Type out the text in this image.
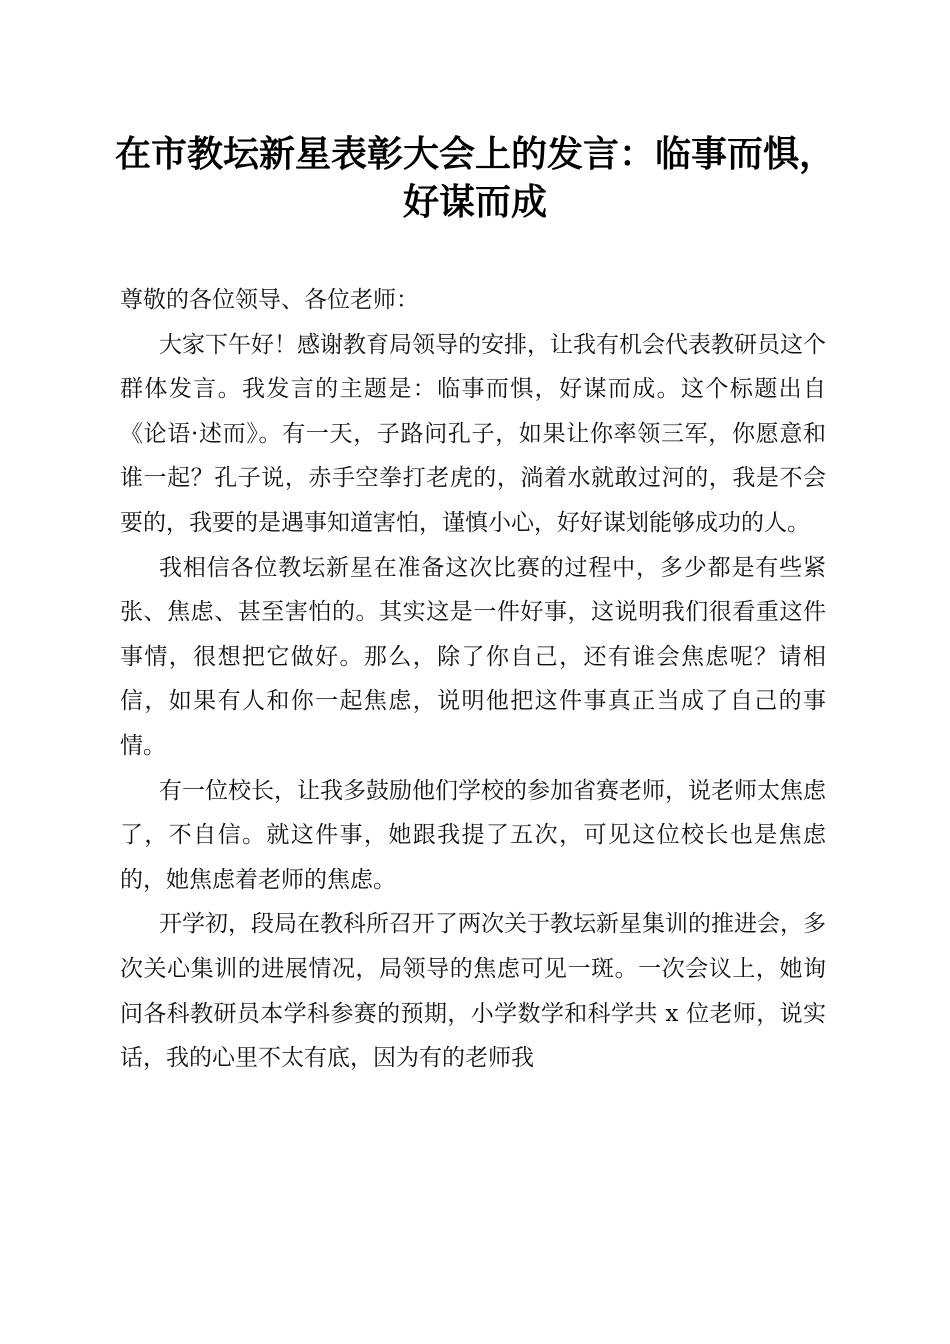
在市教坛新星表彰大会上的发言：临事而惧，
好谋而成

尊敬的各位领导、各位老师：

大家下午好！感谢教育局领导的安排，让我有机会代表教研员这个群体发言。我发言的主题是：临事而惧，好谋而成。这个标题出自《论语·述而》。有一天，子路问孔子，如果让你率领三军，你愿意和谁一起？孔子说，赤手空拳打老虎的，淌着水就敢过河的，我是不会要的，我要的是遇事知道害怕，谨慎小心，好好谋划能够成功的人。

我相信各位教坛新星在准备这次比赛的过程中，多少都是有些紧张、焦虑、甚至害怕的。其实这是一件好事，这说明我们很看重这件事情，很想把它做好。那么，除了你自己，还有谁会焦虑呢？请相信，如果有人和你一起焦虑，说明他把这件事真正当成了自己的事情。

有一位校长，让我多鼓励他们学校的参加省赛老师，说老师太焦虑了，不自信。就这件事，她跟我提了五次，可见这位校长也是焦虑的，她焦虑着老师的焦虑。

开学初，段局在教科所召开了两次关于教坛新星集训的推进会，多次关心集训的进展情况，局领导的焦虑可见一斑。一次会议上，她询问各科教研员本学科参赛的预期，小学数学和科学共 x 位老师，说实话，我的心里不太有底，因为有的老师我
